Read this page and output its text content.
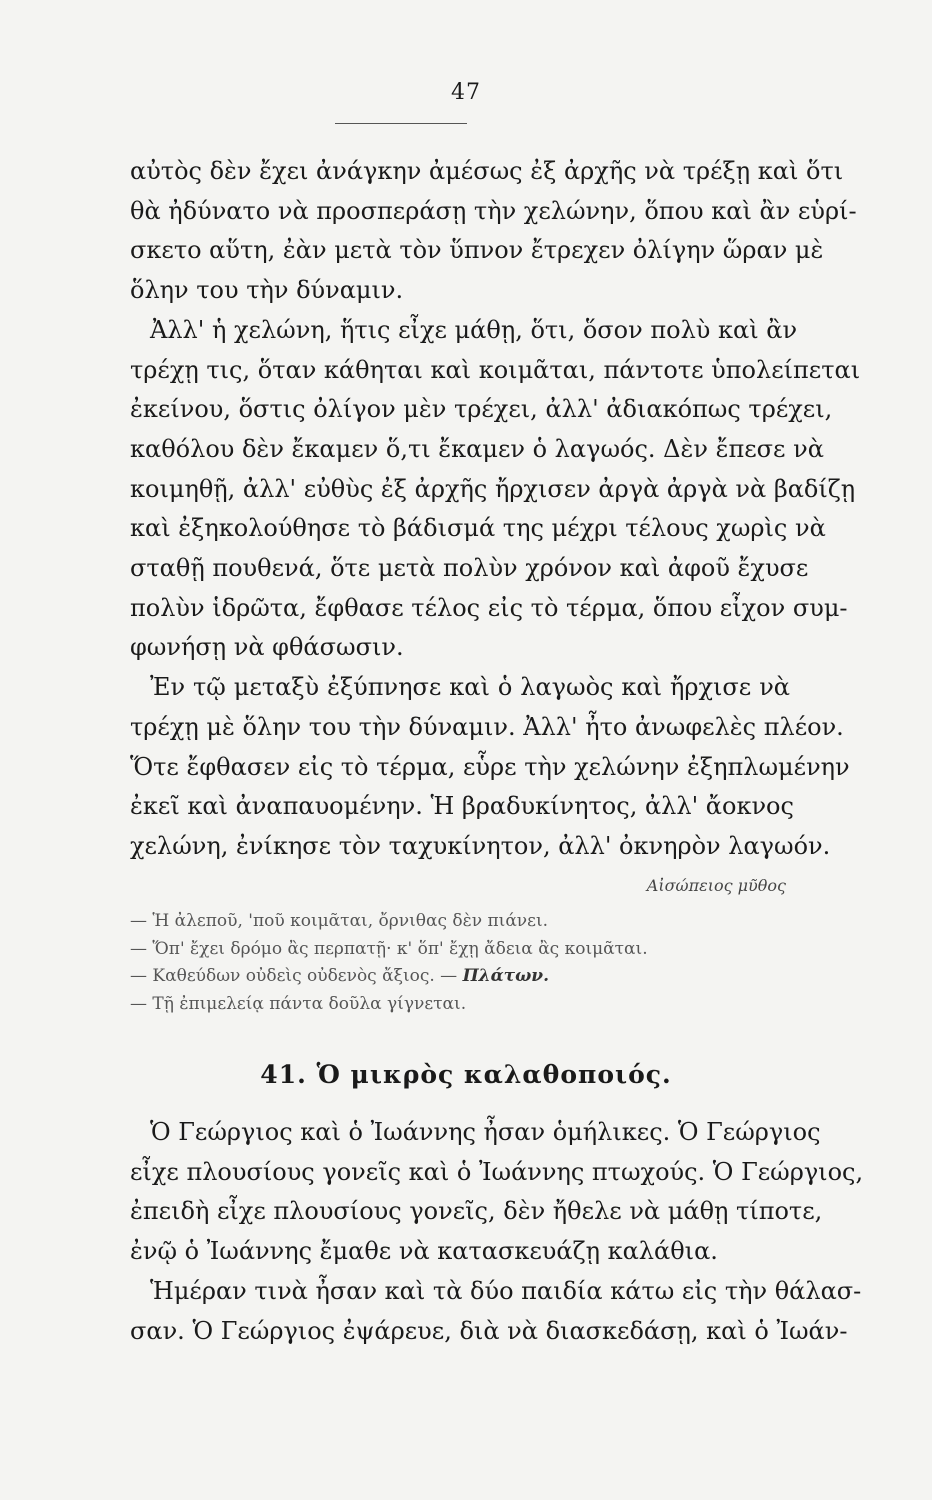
47
αὐτὸς δὲν ἔχει ἀνάγκην ἀμέσως ἐξ ἀρχῆς νὰ τρέξῃ καὶ ὅτι
θὰ ἠδύνατο νὰ προσπεράσῃ τὴν χελώνην, ὅπου καὶ ἂν εὑρί-
σκετο αὕτη, ἐὰν μετὰ τὸν ὕπνον ἔτρεχεν ὀλίγην ὥραν μὲ
ὅλην του τὴν δύναμιν.
Ἀλλ' ἡ χελώνη, ἥτις εἶχε μάθῃ, ὅτι, ὅσον πολὺ καὶ ἂν
τρέχῃ τις, ὅταν κάθηται καὶ κοιμᾶται, πάντοτε ὑπολείπεται
ἐκείνου, ὅστις ὀλίγον μὲν τρέχει, ἀλλ' ἀδιακόπως τρέχει,
καθόλου δὲν ἔκαμεν ὅ,τι ἔκαμεν ὁ λαγωός. Δὲν ἔπεσε νὰ
κοιμηθῇ, ἀλλ' εὐθὺς ἐξ ἀρχῆς ἤρχισεν ἀργὰ ἀργὰ νὰ βαδίζῃ
καὶ ἐξηκολούθησε τὸ βάδισμά της μέχρι τέλους χωρὶς νὰ
σταθῇ πουθενά, ὅτε μετὰ πολὺν χρόνον καὶ ἀφοῦ ἔχυσε
πολὺν ἱδρῶτα, ἔφθασε τέλος εἰς τὸ τέρμα, ὅπου εἶχον συμ-
φωνήσῃ νὰ φθάσωσιν.
Ἐν τῷ μεταξὺ ἐξύπνησε καὶ ὁ λαγωὸς καὶ ἤρχισε νὰ
τρέχῃ μὲ ὅλην του τὴν δύναμιν. Ἀλλ' ἦτο ἀνωφελὲς πλέον.
Ὅτε ἔφθασεν εἰς τὸ τέρμα, εὗρε τὴν χελώνην ἐξηπλωμένην
ἐκεῖ καὶ ἀναπαυομένην. Ἡ βραδυκίνητος, ἀλλ' ἄοκνος
χελώνη, ἐνίκησε τὸν ταχυκίνητον, ἀλλ' ὀκνηρὸν λαγωόν.
Αἰσώπειος μῦθος
— Ἡ ἀλεποῦ, 'ποῦ κοιμᾶται, ὄρνιθας δὲν πιάνει.
— Ὅπ' ἔχει δρόμο ἂς περπατῇ· κ' ὅπ' ἔχῃ ἄδεια ἂς κοιμᾶται.
— Καθεύδων οὐδεὶς οὐδενὸς ἄξιος. — Πλάτων.
— Τῇ ἐπιμελείᾳ πάντα δοῦλα γίγνεται.
41. Ὁ μικρὸς καλαθοποιός.
Ὁ Γεώργιος καὶ ὁ Ἰωάννης ἦσαν ὁμήλικες. Ὁ Γεώργιος
εἶχε πλουσίους γονεῖς καὶ ὁ Ἰωάννης πτωχούς. Ὁ Γεώργιος,
ἐπειδὴ εἶχε πλουσίους γονεῖς, δὲν ἤθελε νὰ μάθῃ τίποτε,
ἐνῷ ὁ Ἰωάννης ἔμαθε νὰ κατασκευάζῃ καλάθια.
Ἡμέραν τινὰ ἦσαν καὶ τὰ δύο παιδία κάτω εἰς τὴν θάλασ-
σαν. Ὁ Γεώργιος ἐψάρευε, διὰ νὰ διασκεδάσῃ, καὶ ὁ Ἰωάν-
